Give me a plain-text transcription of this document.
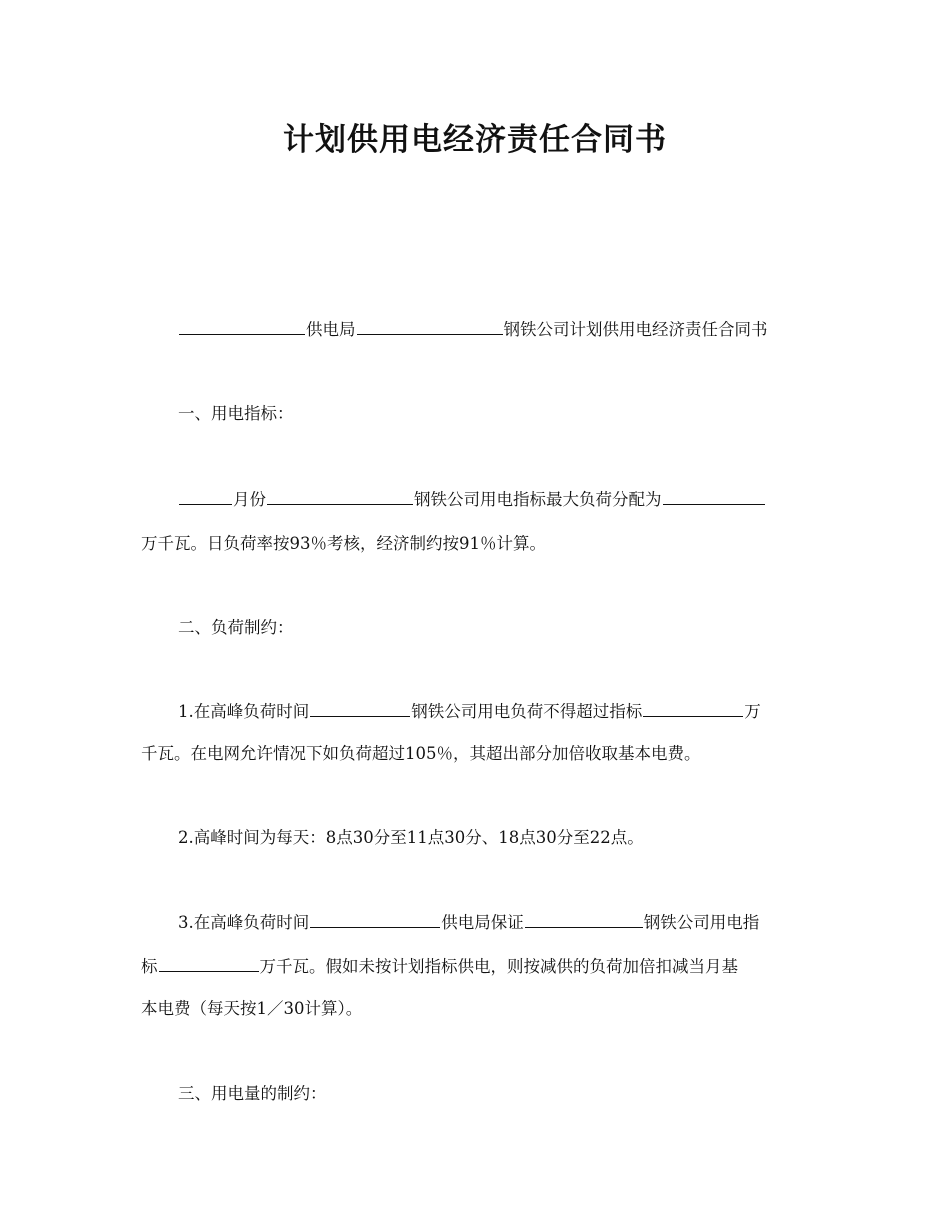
计划供用电经济责任合同书
供电局	钢铁公司计划供用电经济责任合同书
一、用电指标：
月份	钢铁公司用电指标最大负荷分配为
万千瓦。日负荷率按93％考核，经济制约按91％计算。
二、负荷制约：
1.在高峰负荷时间	钢铁公司用电负荷不得超过指标	万
千瓦。在电网允许情况下如负荷超过105％，其超出部分加倍收取基本电费。
2.高峰时间为每天：8点30分至11点30分、18点30分至22点。
3.在高峰负荷时间	供电局保证	钢铁公司用电指
标	万千瓦。假如未按计划指标供电，则按减供的负荷加倍扣减当月基
本电费（每天按1／30计算）。
三、用电量的制约：
